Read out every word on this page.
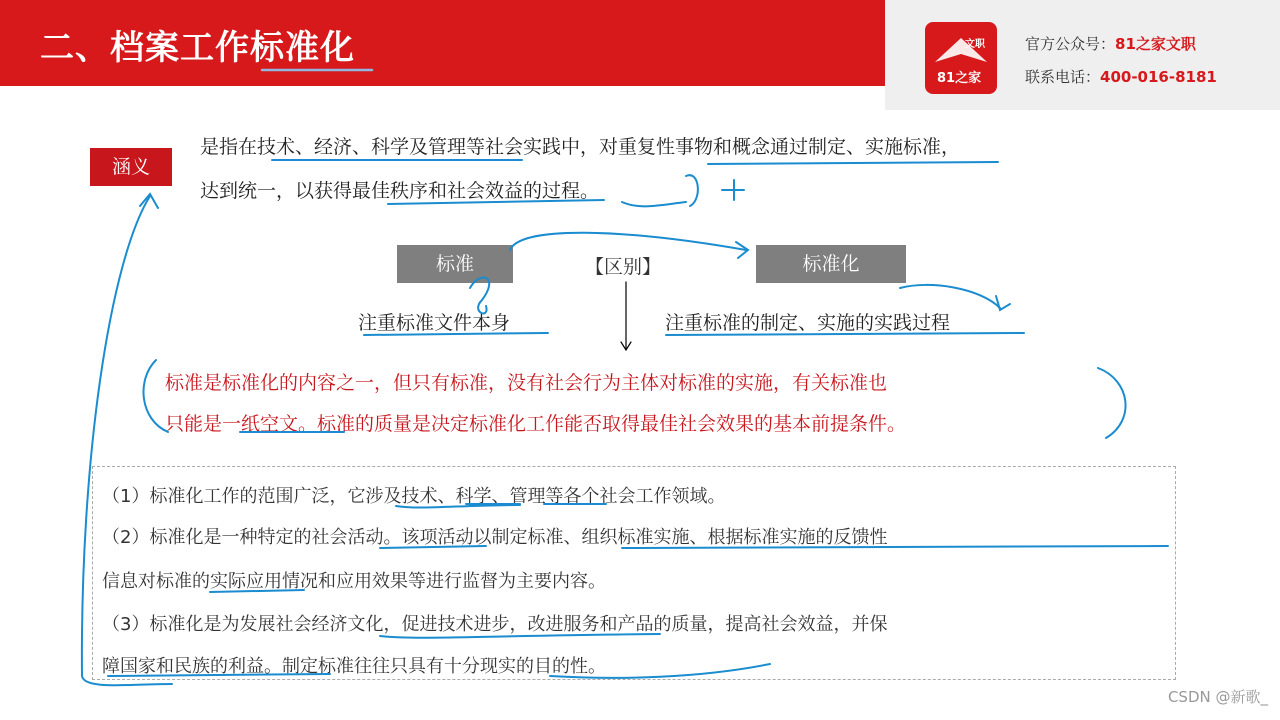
二、档案工作标准化	文职
81之家
官方公众号：81之家文职
联系电话：400-016-8181
涵义
是指在技术、经济、科学及管理等社会实践中，对重复性事物和概念通过制定、实施标准，
达到统一，以获得最佳秩序和社会效益的过程。
标准	【区别】	标准化
注重标准文件本身	注重标准的制定、实施的实践过程
标准是标准化的内容之一，但只有标准，没有社会行为主体对标准的实施，有关标准也
只能是一纸空文。标准的质量是决定标准化工作能否取得最佳社会效果的基本前提条件。
（1）标准化工作的范围广泛，它涉及技术、科学、管理等各个社会工作领域。
（2）标准化是一种特定的社会活动。该项活动以制定标准、组织标准实施、根据标准实施的反馈性
信息对标准的实际应用情况和应用效果等进行监督为主要内容。
（3）标准化是为发展社会经济文化，促进技术进步，改进服务和产品的质量，提高社会效益，并保
障国家和民族的利益。制定标准往往只具有十分现实的目的性。
CSDN @新歌_
